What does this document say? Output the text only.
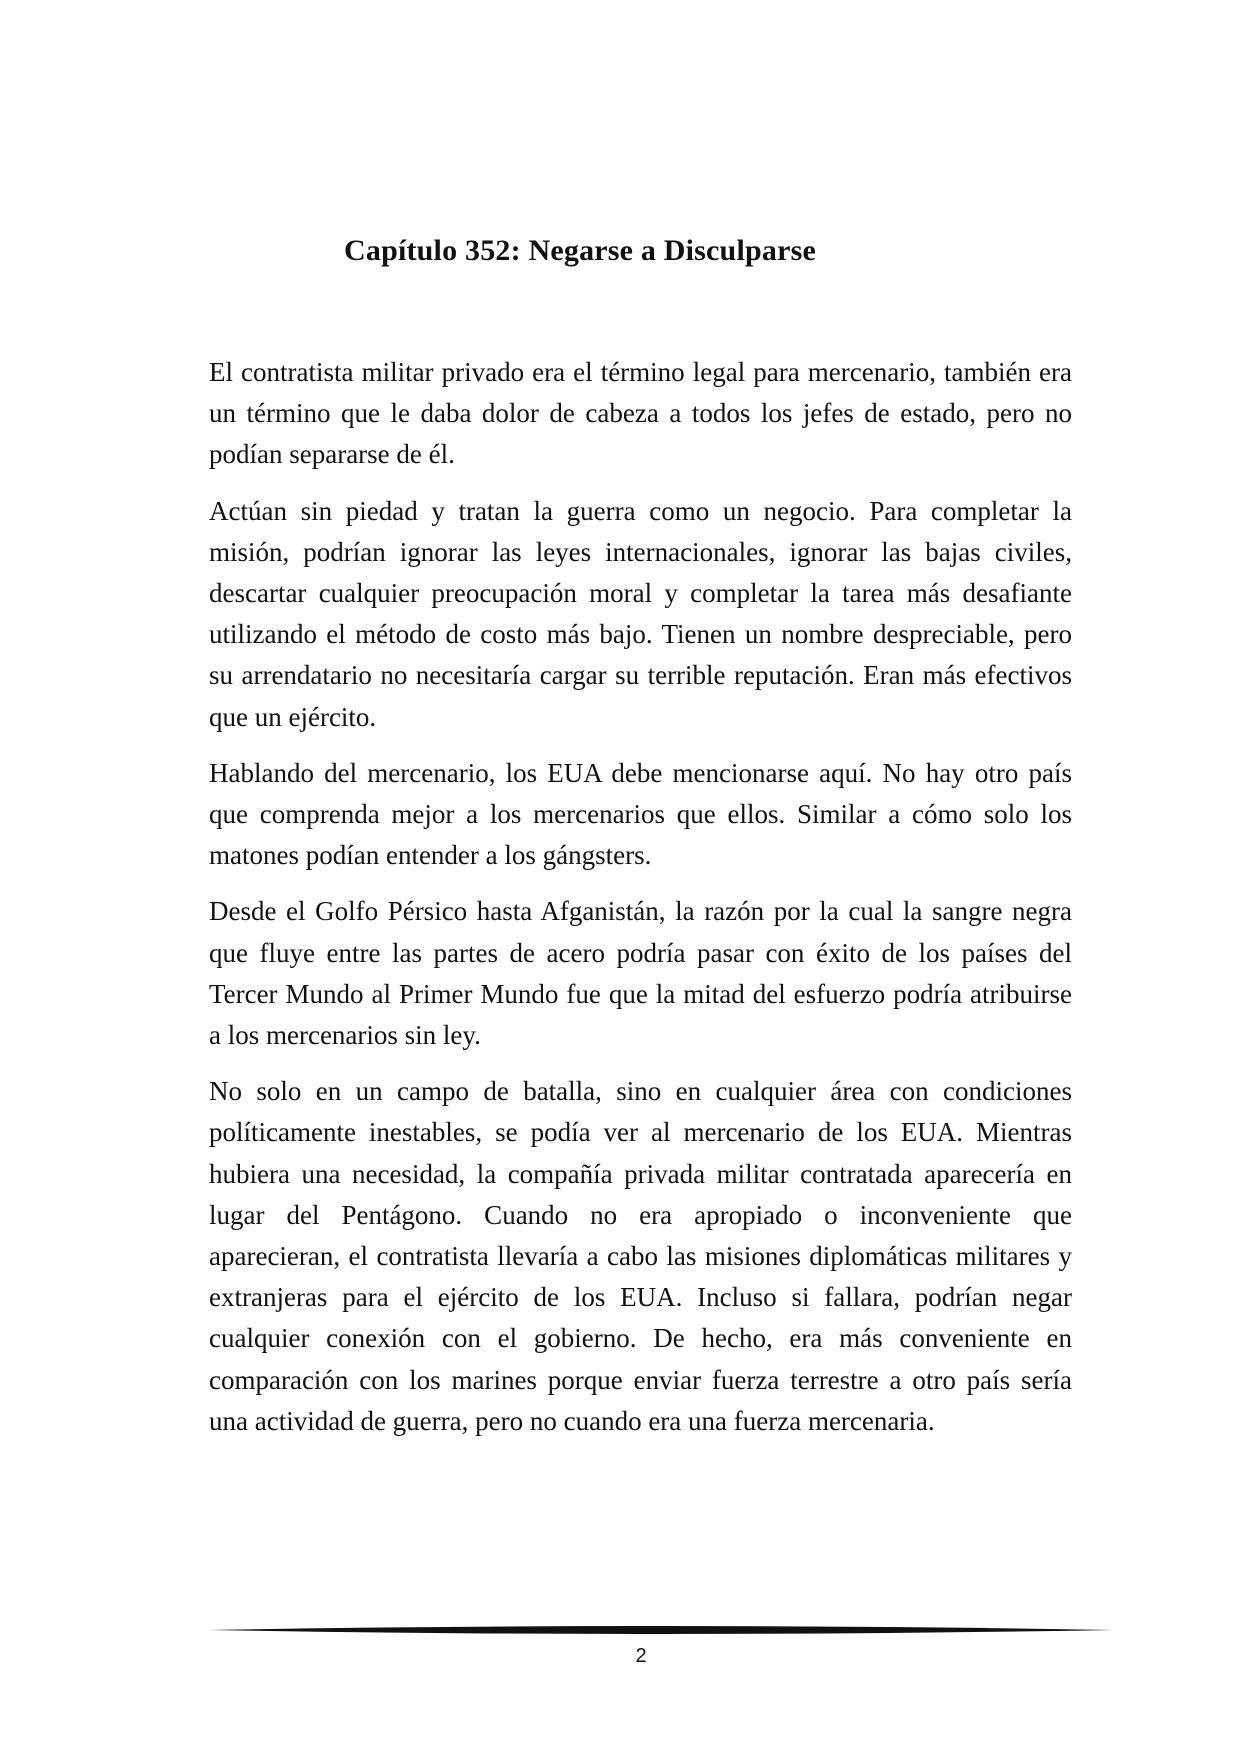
Capítulo 352: Negarse a Disculparse

El contratista militar privado era el término legal para mercenario, también era un término que le daba dolor de cabeza a todos los jefes de estado, pero no podían separarse de él.

Actúan sin piedad y tratan la guerra como un negocio. Para completar la misión, podrían ignorar las leyes internacionales, ignorar las bajas civiles, descartar cualquier preocupación moral y completar la tarea más desafiante utilizando el método de costo más bajo. Tienen un nombre despreciable, pero su arrendatario no necesitaría cargar su terrible reputación. Eran más efectivos que un ejército.

Hablando del mercenario, los EUA debe mencionarse aquí. No hay otro país que comprenda mejor a los mercenarios que ellos. Similar a cómo solo los matones podían entender a los gángsters.

Desde el Golfo Pérsico hasta Afganistán, la razón por la cual la sangre negra que fluye entre las partes de acero podría pasar con éxito de los países del Tercer Mundo al Primer Mundo fue que la mitad del esfuerzo podría atribuirse a los mercenarios sin ley.

No solo en un campo de batalla, sino en cualquier área con condiciones políticamente inestables, se podía ver al mercenario de los EUA. Mientras hubiera una necesidad, la compañía privada militar contratada aparecería en lugar del Pentágono. Cuando no era apropiado o inconveniente que aparecieran, el contratista llevaría a cabo las misiones diplomáticas militares y extranjeras para el ejército de los EUA. Incluso si fallara, podrían negar cualquier conexión con el gobierno. De hecho, era más conveniente en comparación con los marines porque enviar fuerza terrestre a otro país sería una actividad de guerra, pero no cuando era una fuerza mercenaria.

2
